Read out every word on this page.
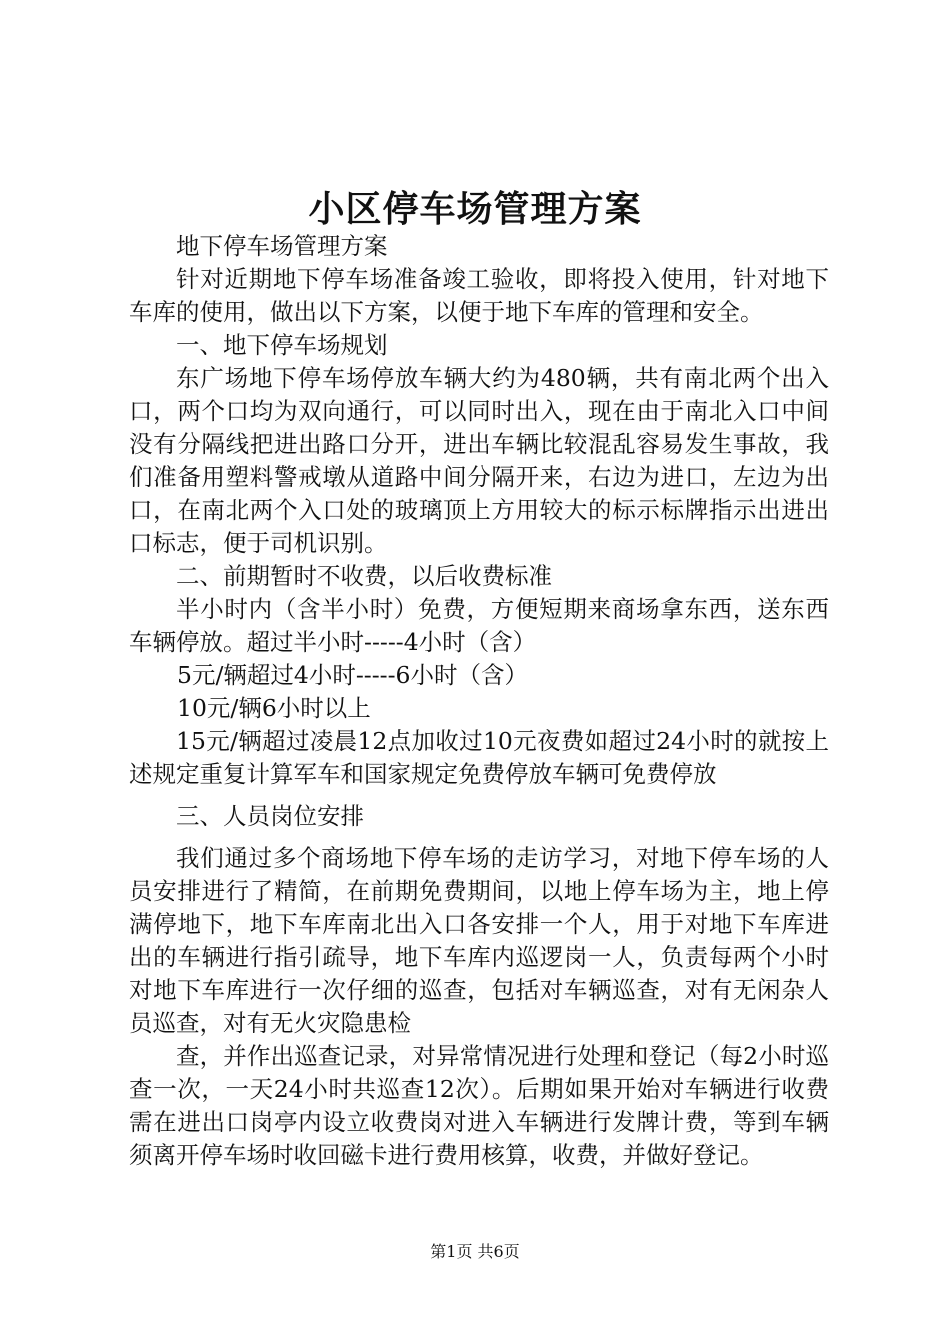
小区停车场管理方案

地下停车场管理方案

针对近期地下停车场准备竣工验收，即将投入使用，针对地下车库的使用，做出以下方案，以便于地下车库的管理和安全。

一、地下停车场规划

东广场地下停车场停放车辆大约为480辆，共有南北两个出入口，两个口均为双向通行，可以同时出入，现在由于南北入口中间没有分隔线把进出路口分开，进出车辆比较混乱容易发生事故，我们准备用塑料警戒墩从道路中间分隔开来，右边为进口，左边为出口，在南北两个入口处的玻璃顶上方用较大的标示标牌指示出进出口标志，便于司机识别。

二、前期暂时不收费，以后收费标准

半小时内（含半小时）免费，方便短期来商场拿东西，送东西车辆停放。超过半小时-----4小时（含）

5元/辆超过4小时-----6小时（含）

10元/辆6小时以上

15元/辆超过凌晨12点加收过10元夜费如超过24小时的就按上述规定重复计算军车和国家规定免费停放车辆可免费停放

三、人员岗位安排

我们通过多个商场地下停车场的走访学习，对地下停车场的人员安排进行了精简，在前期免费期间，以地上停车场为主，地上停满停地下，地下车库南北出入口各安排一个人，用于对地下车库进出的车辆进行指引疏导，地下车库内巡逻岗一人，负责每两个小时对地下车库进行一次仔细的巡查，包括对车辆巡查，对有无闲杂人员巡查，对有无火灾隐患检

查，并作出巡查记录，对异常情况进行处理和登记（每2小时巡查一次，一天24小时共巡查12次）。后期如果开始对车辆进行收费需在进出口岗亭内设立收费岗对进入车辆进行发牌计费，等到车辆须离开停车场时收回磁卡进行费用核算，收费，并做好登记。

第1页 共6页
